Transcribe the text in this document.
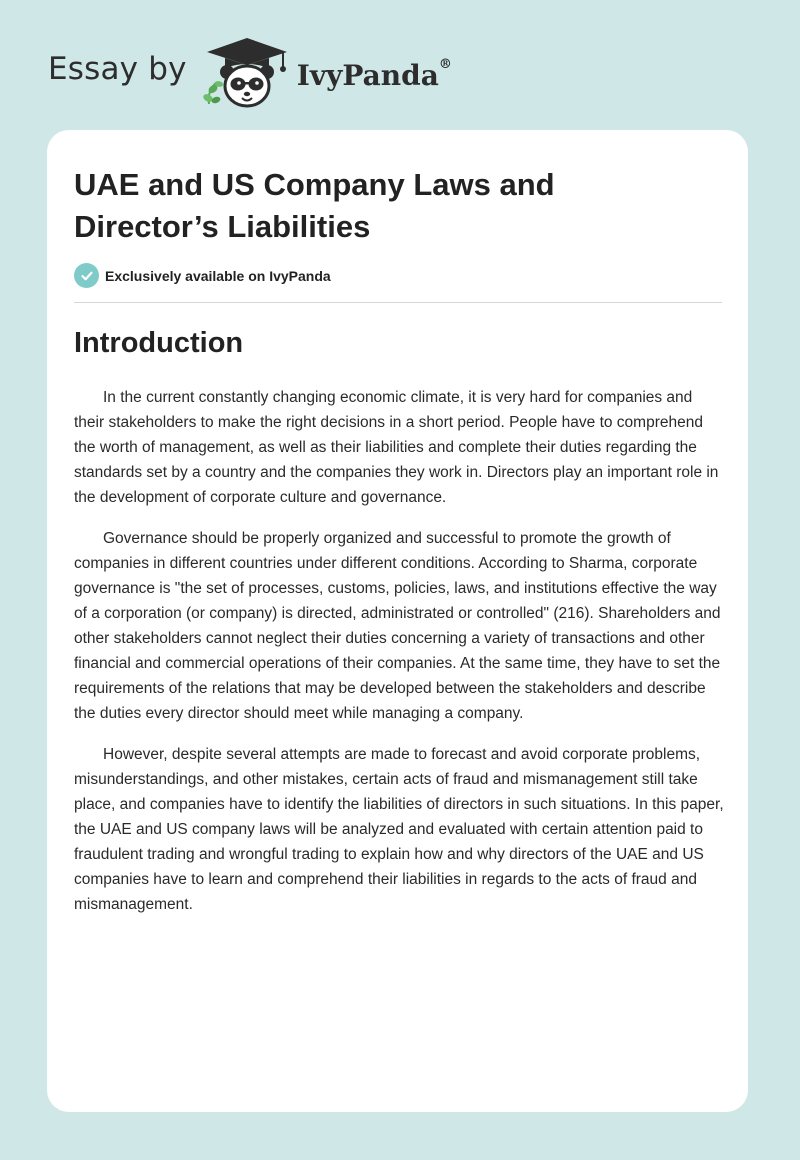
Essay by	IvyPanda®
UAE and US Company Laws and Director’s Liabilities
Exclusively available on IvyPanda
Introduction

In the current constantly changing economic climate, it is very hard for companies and their stakeholders to make the right decisions in a short period. People have to comprehend the worth of management, as well as their liabilities and complete their duties regarding the standards set by a country and the companies they work in. Directors play an important role in the development of corporate culture and governance.

Governance should be properly organized and successful to promote the growth of companies in different countries under different conditions. According to Sharma, corporate governance is "the set of processes, customs, policies, laws, and institutions effective the way of a corporation (or company) is directed, administrated or controlled" (216). Shareholders and other stakeholders cannot neglect their duties concerning a variety of transactions and other financial and commercial operations of their companies. At the same time, they have to set the requirements of the relations that may be developed between the stakeholders and describe the duties every director should meet while managing a company.

However, despite several attempts are made to forecast and avoid corporate problems, misunderstandings, and other mistakes, certain acts of fraud and mismanagement still take place, and companies have to identify the liabilities of directors in such situations. In this paper, the UAE and US company laws will be analyzed and evaluated with certain attention paid to fraudulent trading and wrongful trading to explain how and why directors of the UAE and US companies have to learn and comprehend their liabilities in regards to the acts of fraud and mismanagement.
